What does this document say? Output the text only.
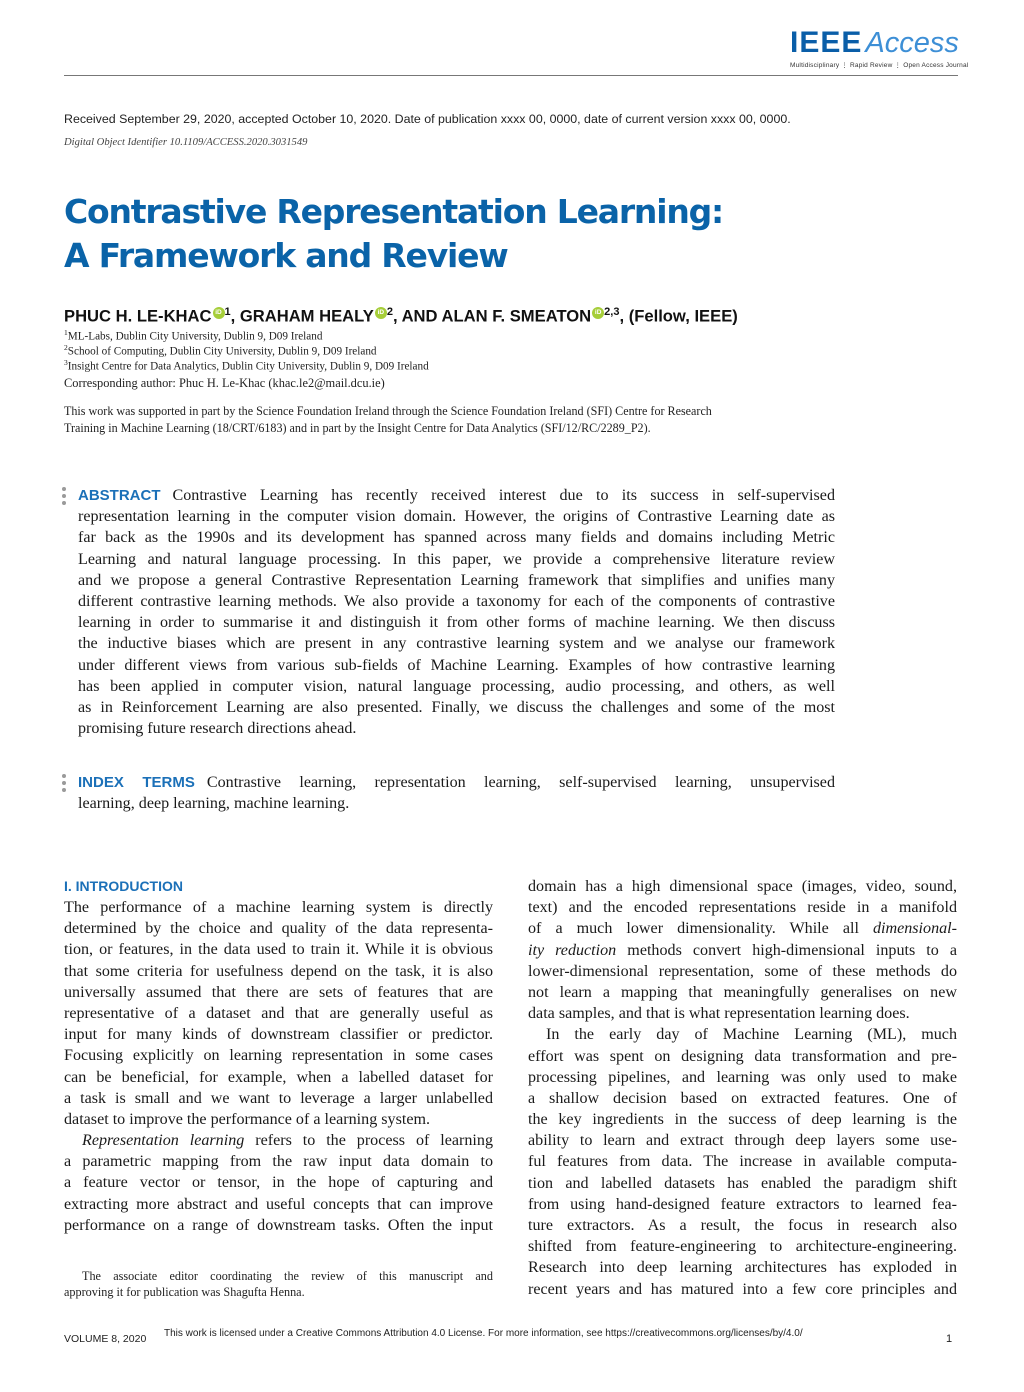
IEEE Access
Multidisciplinary ⋮ Rapid Review ⋮ Open Access Journal
Received September 29, 2020, accepted October 10, 2020. Date of publication xxxx 00, 0000, date of current version xxxx 00, 0000.
Digital Object Identifier 10.1109/ACCESS.2020.3031549
Contrastive Representation Learning:
A Framework and Review
PHUC H. LE-KHAC iD $^1$, GRAHAM HEALY iD $^2$, AND ALAN F. SMEATON iD $^{2,3}$, (Fellow, IEEE)
$^1$ML-Labs, Dublin City University, Dublin 9, D09 Ireland
$^2$School of Computing, Dublin City University, Dublin 9, D09 Ireland
$^3$Insight Centre for Data Analytics, Dublin City University, Dublin 9, D09 Ireland
Corresponding author: Phuc H. Le-Khac (khac.le2@mail.dcu.ie)
This work was supported in part by the Science Foundation Ireland through the Science Foundation Ireland (SFI) Centre for Research
Training in Machine Learning (18/CRT/6183) and in part by the Insight Centre for Data Analytics (SFI/12/RC/2289_P2).
ABSTRACT Contrastive Learning has recently received interest due to its success in self-supervised
representation learning in the computer vision domain. However, the origins of Contrastive Learning date as
far back as the 1990s and its development has spanned across many fields and domains including Metric
Learning and natural language processing. In this paper, we provide a comprehensive literature review
and we propose a general Contrastive Representation Learning framework that simplifies and unifies many
different contrastive learning methods. We also provide a taxonomy for each of the components of contrastive
learning in order to summarise it and distinguish it from other forms of machine learning. We then discuss
the inductive biases which are present in any contrastive learning system and we analyse our framework
under different views from various sub-fields of Machine Learning. Examples of how contrastive learning
has been applied in computer vision, natural language processing, audio processing, and others, as well
as in Reinforcement Learning are also presented. Finally, we discuss the challenges and some of the most
promising future research directions ahead.
INDEX TERMS Contrastive learning, representation learning, self-supervised learning, unsupervised
learning, deep learning, machine learning.
I. INTRODUCTION
The performance of a machine learning system is directly
determined by the choice and quality of the data representa-
tion, or features, in the data used to train it. While it is obvious
that some criteria for usefulness depend on the task, it is also
universally assumed that there are sets of features that are
representative of a dataset and that are generally useful as
input for many kinds of downstream classifier or predictor.
Focusing explicitly on learning representation in some cases
can be beneficial, for example, when a labelled dataset for
a task is small and we want to leverage a larger unlabelled
dataset to improve the performance of a learning system.
Representation learning refers to the process of learning
a parametric mapping from the raw input data domain to
a feature vector or tensor, in the hope of capturing and
extracting more abstract and useful concepts that can improve
performance on a range of downstream tasks. Often the input
domain has a high dimensional space (images, video, sound,
text) and the encoded representations reside in a manifold
of a much lower dimensionality. While all dimensional-
ity reduction methods convert high-dimensional inputs to a
lower-dimensional representation, some of these methods do
not learn a mapping that meaningfully generalises on new
data samples, and that is what representation learning does.
In the early day of Machine Learning (ML), much
effort was spent on designing data transformation and pre-
processing pipelines, and learning was only used to make
a shallow decision based on extracted features. One of
the key ingredients in the success of deep learning is the
ability to learn and extract through deep layers some use-
ful features from data. The increase in available computa-
tion and labelled datasets has enabled the paradigm shift
from using hand-designed feature extractors to learned fea-
ture extractors. As a result, the focus in research also
shifted from feature-engineering to architecture-engineering.
Research into deep learning architectures has exploded in
recent years and has matured into a few core principles and
The associate editor coordinating the review of this manuscript and
approving it for publication was Shagufta Henna.
VOLUME 8, 2020 This work is licensed under a Creative Commons Attribution 4.0 License. For more information, see https://creativecommons.org/licenses/by/4.0/	1
